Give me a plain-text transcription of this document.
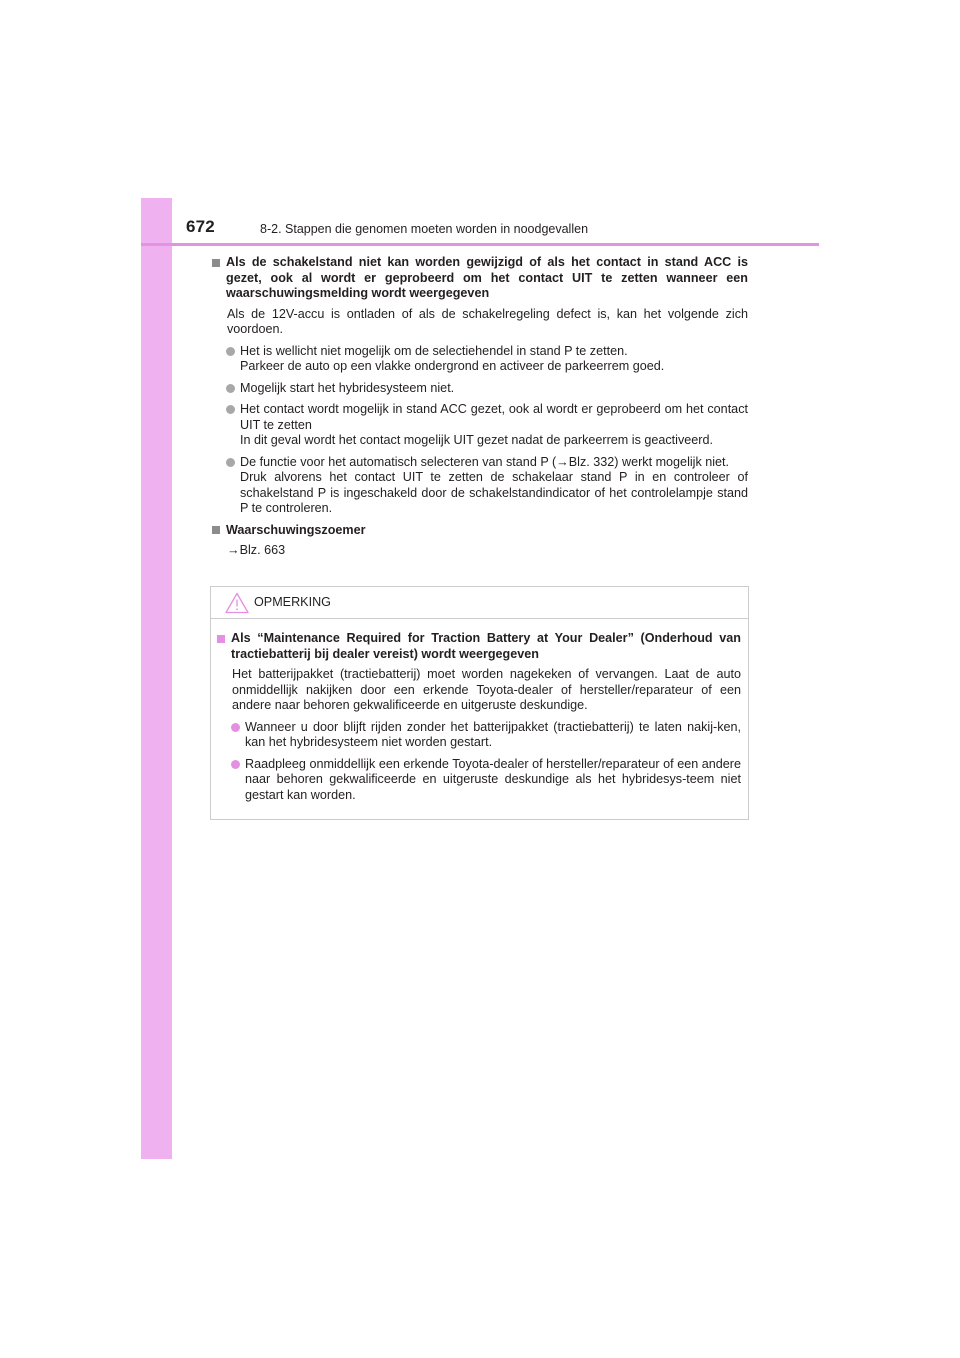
672	8-2. Stappen die genomen moeten worden in noodgevallen
Als de schakelstand niet kan worden gewijzigd of als het contact in stand ACC is gezet, ook al wordt er geprobeerd om het contact UIT te zetten wanneer een waarschuwingsmelding wordt weergegeven
Als de 12V-accu is ontladen of als de schakelregeling defect is, kan het volgende zich voordoen.
Het is wellicht niet mogelijk om de selectiehendel in stand P te zetten.
Parkeer de auto op een vlakke ondergrond en activeer de parkeerrem goed.
Mogelijk start het hybridesysteem niet.
Het contact wordt mogelijk in stand ACC gezet, ook al wordt er geprobeerd om het contact UIT te zetten
In dit geval wordt het contact mogelijk UIT gezet nadat de parkeerrem is geactiveerd.
De functie voor het automatisch selecteren van stand P (→Blz. 332) werkt mogelijk niet.
Druk alvorens het contact UIT te zetten de schakelaar stand P in en controleer of schakelstand P is ingeschakeld door de schakelstandindicator of het controlelampje stand P te controleren.
Waarschuwingszoemer
→Blz. 663
OPMERKING
Als “Maintenance Required for Traction Battery at Your Dealer” (Onderhoud van tractiebatterij bij dealer vereist) wordt weergegeven
Het batterijpakket (tractiebatterij) moet worden nagekeken of vervangen. Laat de auto onmiddellijk nakijken door een erkende Toyota-dealer of hersteller/reparateur of een andere naar behoren gekwalificeerde en uitgeruste deskundige.
Wanneer u door blijft rijden zonder het batterijpakket (tractiebatterij) te laten nakij-ken, kan het hybridesysteem niet worden gestart.
Raadpleeg onmiddellijk een erkende Toyota-dealer of hersteller/reparateur of een andere naar behoren gekwalificeerde en uitgeruste deskundige als het hybridesys-teem niet gestart kan worden.
